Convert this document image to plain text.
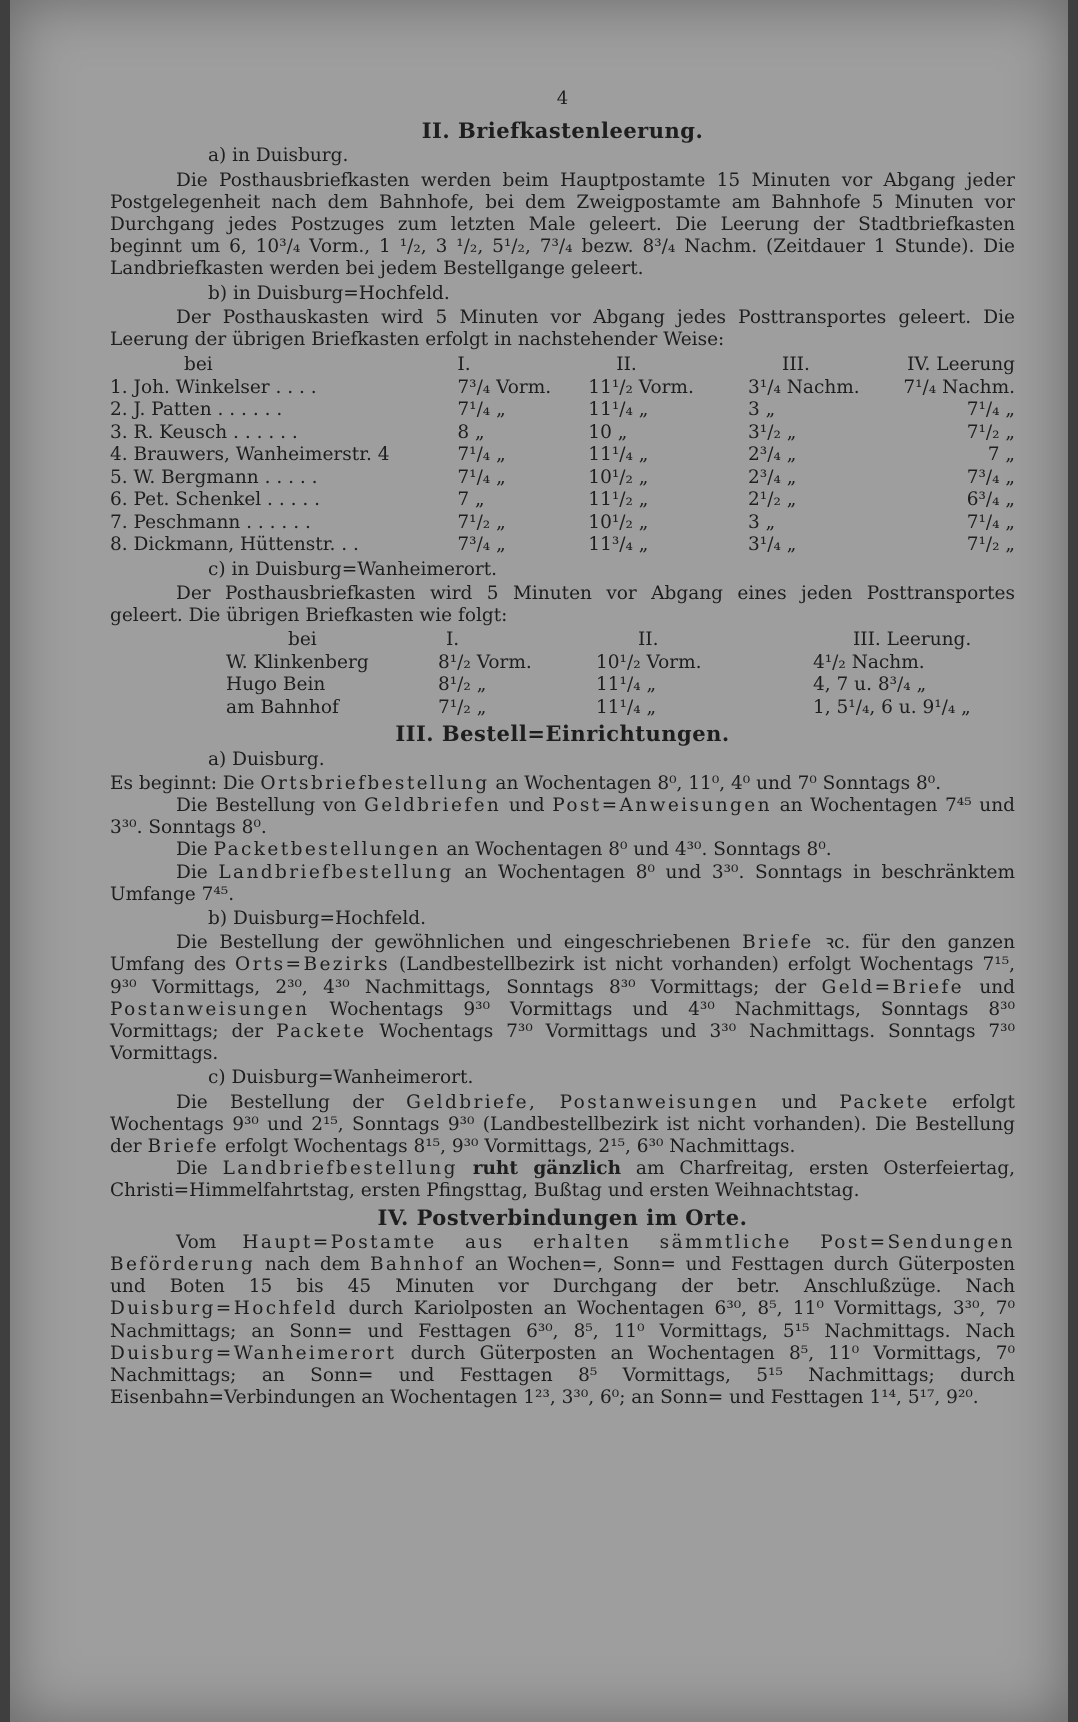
4
II. Briefkastenleerung.
a) in Duisburg.

Die Posthausbriefkasten werden beim Hauptpostamte 15 Minuten vor Abgang jeder Postgelegenheit nach dem Bahnhofe, bei dem Zweigpostamte am Bahnhofe 5 Minuten vor Durchgang jedes Postzuges zum letzten Male geleert. Die Leerung der Stadtbriefkasten beginnt um 6, 10³/₄ Vorm., 1 ¹/₂, 3 ¹/₂, 5¹/₂, 7³/₄ bezw. 8³/₄ Nachm. (Zeitdauer 1 Stunde). Die Landbriefkasten werden bei jedem Bestellgange geleert.

b) in Duisburg=Hochfeld.

Der Posthauskasten wird 5 Minuten vor Abgang jedes Posttransportes geleert. Die Leerung der übrigen Briefkasten erfolgt in nachstehender Weise:

bei	I.	II.	III.	IV. Leerung
1. Joh. Winkelser . . . .	7³/₄ Vorm.	11¹/₂ Vorm.	3¹/₄ Nachm.	7¹/₄ Nachm.
2. J. Patten . . . . . .	7¹/₄ „	11¹/₄ „	3 „	7¹/₄ „
3. R. Keusch . . . . . .	8 „	10 „	3¹/₂ „	7¹/₂ „
4. Brauwers, Wanheimerstr. 4	7¹/₄ „	11¹/₄ „	2³/₄ „	7 „
5. W. Bergmann . . . . .	7¹/₄ „	10¹/₂ „	2³/₄ „	7³/₄ „
6. Pet. Schenkel . . . . .	7 „	11¹/₂ „	2¹/₂ „	6³/₄ „
7. Peschmann . . . . . .	7¹/₂ „	10¹/₂ „	3 „	7¹/₄ „
8. Dickmann, Hüttenstr. . .	7³/₄ „	11³/₄ „	3¹/₄ „	7¹/₂ „
c) in Duisburg=Wanheimerort.

Der Posthausbriefkasten wird 5 Minuten vor Abgang eines jeden Posttransportes geleert. Die übrigen Briefkasten wie folgt:

bei	I.	II.	III. Leerung.
W. Klinkenberg	8¹/₂ Vorm.	10¹/₂ Vorm.	4¹/₂ Nachm.
Hugo Bein	8¹/₂ „	11¹/₄ „	4, 7 u. 8³/₄ „
am Bahnhof	7¹/₂ „	11¹/₄ „	1, 5¹/₄, 6 u. 9¹/₄ „
III. Bestell=Einrichtungen.
a) Duisburg.

Es beginnt: Die Ortsbriefbestellung an Wochentagen 8⁰, 11⁰, 4⁰ und 7⁰ Sonntags 8⁰.

Die Bestellung von Geldbriefen und Post=Anweisungen an Wochentagen 7⁴⁵ und 3³⁰. Sonntags 8⁰.

Die Packetbestellungen an Wochentagen 8⁰ und 4³⁰. Sonntags 8⁰.

Die Landbriefbestellung an Wochentagen 8⁰ und 3³⁰. Sonntags in beschränktem Umfange 7⁴⁵.

b) Duisburg=Hochfeld.

Die Bestellung der gewöhnlichen und eingeschriebenen Briefe ꝛc. für den ganzen Umfang des Orts=Bezirks (Landbestellbezirk ist nicht vorhanden) erfolgt Wochentags 7¹⁵, 9³⁰ Vormittags, 2³⁰, 4³⁰ Nachmittags, Sonntags 8³⁰ Vormittags; der Geld=Briefe und Postanweisungen Wochentags 9³⁰ Vormittags und 4³⁰ Nachmittags, Sonntags 8³⁰ Vormittags; der Packete Wochentags 7³⁰ Vormittags und 3³⁰ Nachmittags. Sonntags 7³⁰ Vormittags.

c) Duisburg=Wanheimerort.

Die Bestellung der Geldbriefe, Postanweisungen und Packete erfolgt Wochentags 9³⁰ und 2¹⁵, Sonntags 9³⁰ (Landbestellbezirk ist nicht vorhanden). Die Bestellung der Briefe erfolgt Wochentags 8¹⁵, 9³⁰ Vormittags, 2¹⁵, 6³⁰ Nachmittags.

Die Landbriefbestellung ruht gänzlich am Charfreitag, ersten Osterfeiertag, Christi=Himmelfahrtstag, ersten Pfingsttag, Bußtag und ersten Weihnachtstag.

IV. Postverbindungen im Orte.

Vom Haupt=Postamte aus erhalten sämmtliche Post=Sendungen Beförderung nach dem Bahnhof an Wochen=, Sonn= und Festtagen durch Güterposten und Boten 15 bis 45 Minuten vor Durchgang der betr. Anschlußzüge. Nach Duisburg=Hochfeld durch Kariolposten an Wochentagen 6³⁰, 8⁵, 11⁰ Vormittags, 3³⁰, 7⁰ Nachmittags; an Sonn= und Festtagen 6³⁰, 8⁵, 11⁰ Vormittags, 5¹⁵ Nachmittags. Nach Duisburg=Wanheimerort durch Güterposten an Wochentagen 8⁵, 11⁰ Vormittags, 7⁰ Nachmittags; an Sonn= und Festtagen 8⁵ Vormittags, 5¹⁵ Nachmittags; durch Eisenbahn=Verbindungen an Wochentagen 1²³, 3³⁰, 6⁰; an Sonn= und Festtagen 1¹⁴, 5¹⁷, 9²⁰.
